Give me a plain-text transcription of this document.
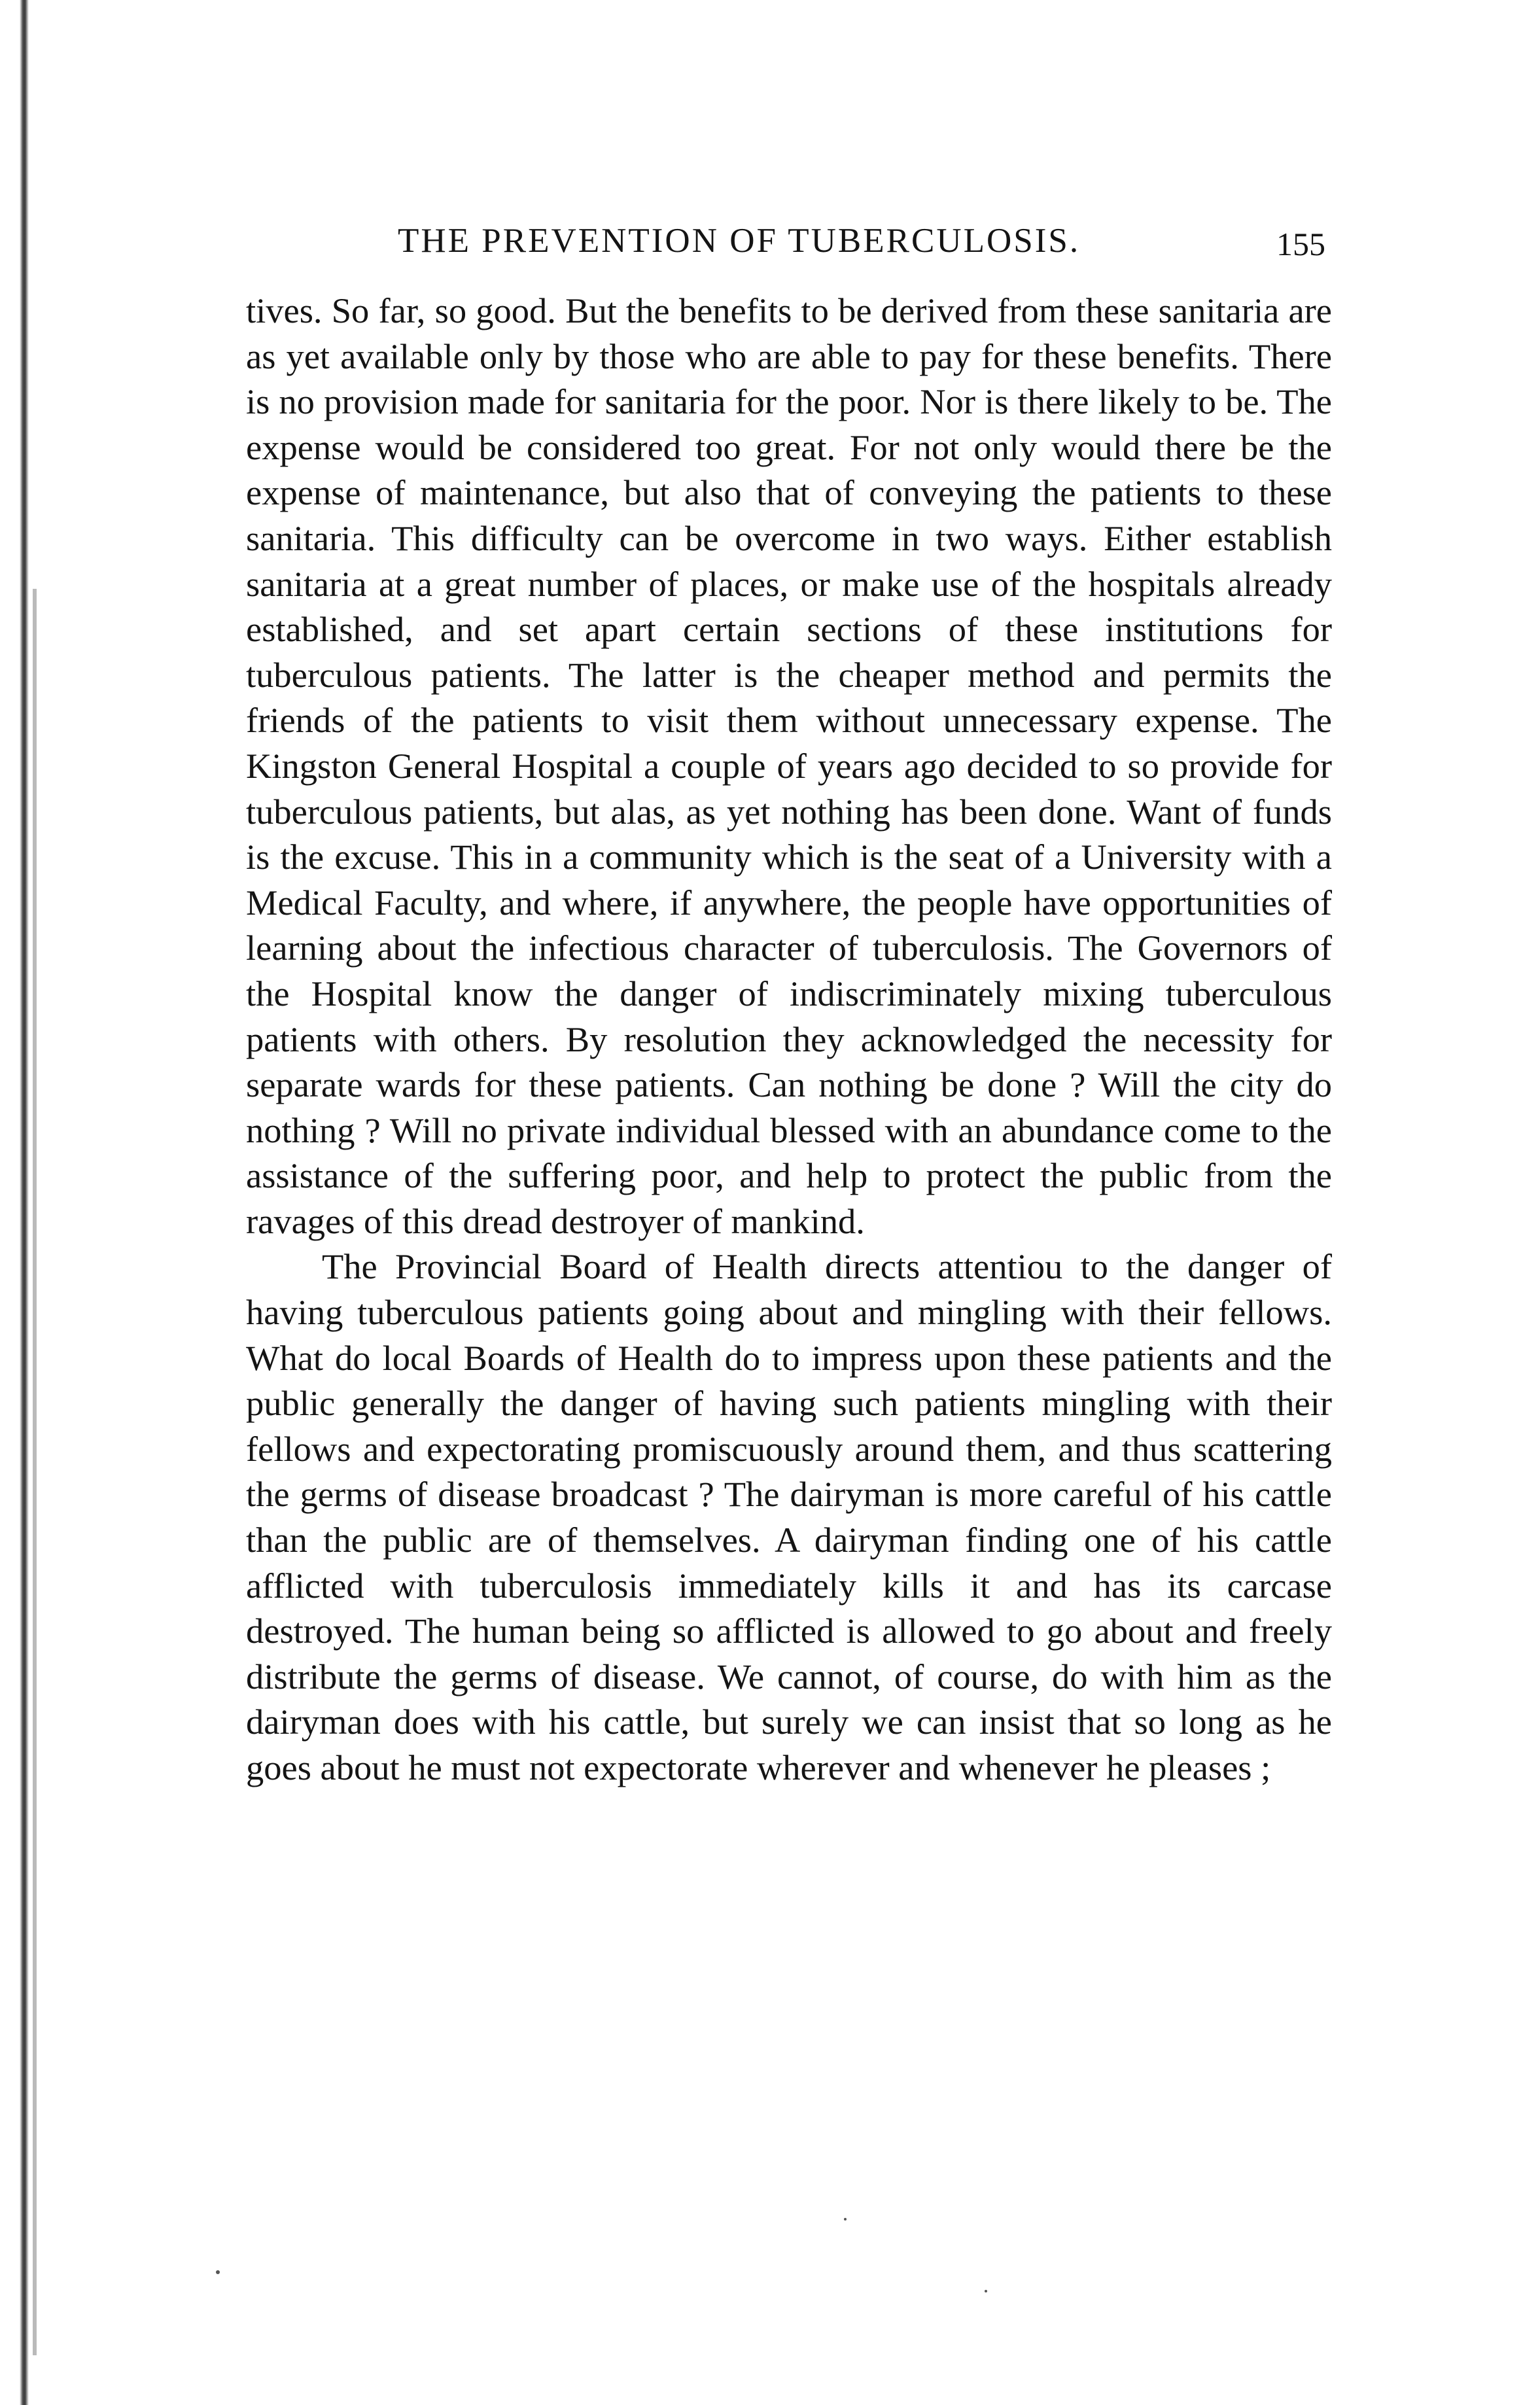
THE PREVENTION OF TUBERCULOSIS.	155

tives. So far, so good. But the benefits to be derived from these sanitaria are as yet available only by those who are able to pay for these benefits. There is no provision made for sanitaria for the poor. Nor is there likely to be. The expense would be considered too great. For not only would there be the expense of maintenance, but also that of conveying the patients to these sanitaria. This difficulty can be overcome in two ways. Either establish sanitaria at a great number of places, or make use of the hospitals already established, and set apart certain sections of these institutions for tuberculous patients. The latter is the cheaper method and permits the friends of the patients to visit them without unnecessary expense. The Kingston General Hospital a couple of years ago decided to so provide for tuberculous patients, but alas, as yet nothing has been done. Want of funds is the excuse. This in a community which is the seat of a University with a Medical Faculty, and where, if anywhere, the people have opportunities of learning about the infectious character of tuberculosis. The Governors of the Hospital know the danger of indiscriminately mixing tuberculous patients with others. By resolution they acknowledged the necessity for separate wards for these patients. Can nothing be done ? Will the city do nothing ? Will no private individual blessed with an abundance come to the assistance of the suffering poor, and help to protect the public from the ravages of this dread destroyer of mankind.

The Provincial Board of Health directs attentiou to the danger of having tuberculous patients going about and mingling with their fellows. What do local Boards of Health do to impress upon these patients and the public generally the danger of having such patients mingling with their fellows and expectorating promiscuously around them, and thus scattering the germs of disease broadcast ? The dairyman is more careful of his cattle than the public are of themselves. A dairyman finding one of his cattle afflicted with tuberculosis immediately kills it and has its carcase destroyed. The human being so afflicted is allowed to go about and freely distribute the germs of disease. We cannot, of course, do with him as the dairyman does with his cattle, but surely we can insist that so long as he goes about he must not expectorate wherever and whenever he pleases ;
